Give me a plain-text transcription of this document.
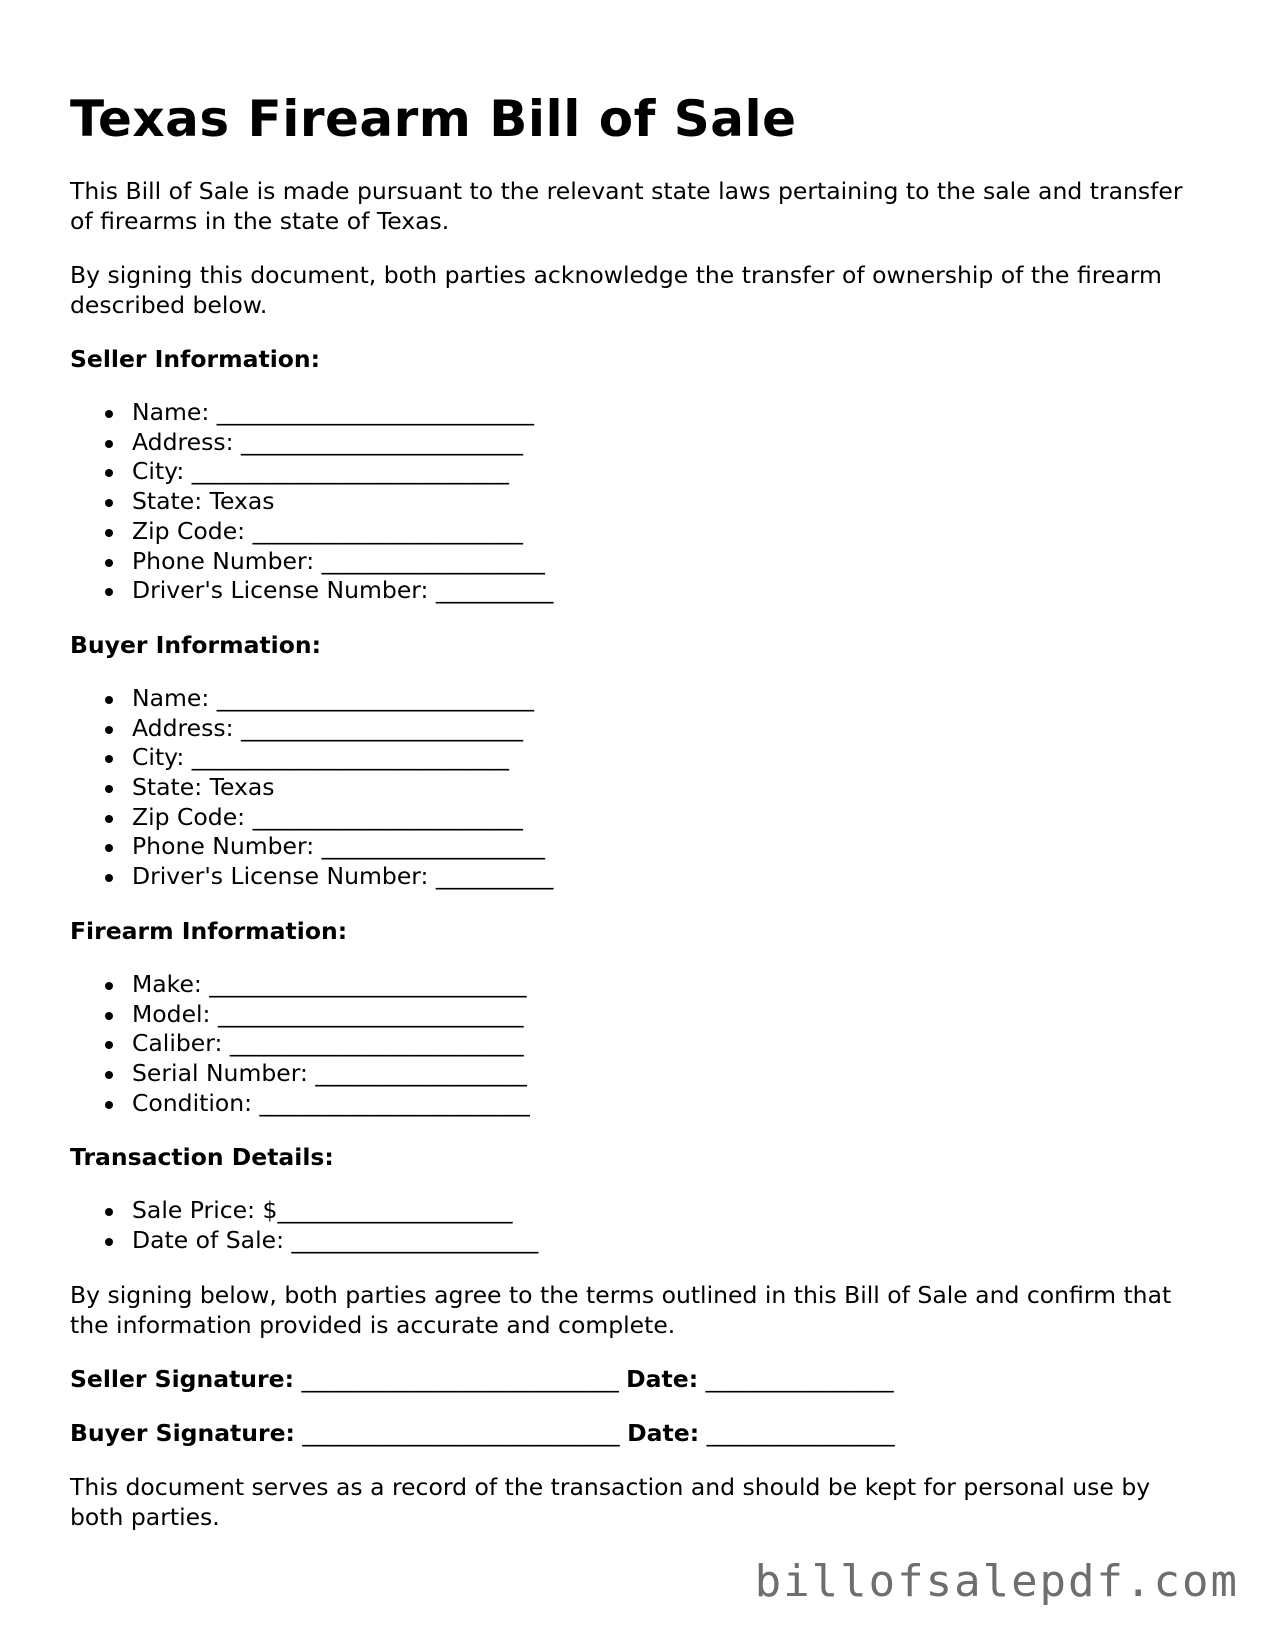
Texas Firearm Bill of Sale

This Bill of Sale is made pursuant to the relevant state laws pertaining to the sale and transfer of firearms in the state of Texas.

By signing this document, both parties acknowledge the transfer of ownership of the firearm described below.

Seller Information:
Name: ___________________________
Address: ________________________
City: ___________________________
State: Texas
Zip Code: _______________________
Phone Number: ___________________
Driver's License Number: __________
Buyer Information:
Name: ___________________________
Address: ________________________
City: ___________________________
State: Texas
Zip Code: _______________________
Phone Number: ___________________
Driver's License Number: __________
Firearm Information:
Make: ___________________________
Model: __________________________
Caliber: _________________________
Serial Number: __________________
Condition: _______________________
Transaction Details:
Sale Price: $____________________
Date of Sale: _____________________

By signing below, both parties agree to the terms outlined in this Bill of Sale and confirm that the information provided is accurate and complete.

Seller Signature: ___________________________ Date: ________________
Buyer Signature: ___________________________ Date: ________________

This document serves as a record of the transaction and should be kept for personal use by both parties.

billofsalepdf.com
